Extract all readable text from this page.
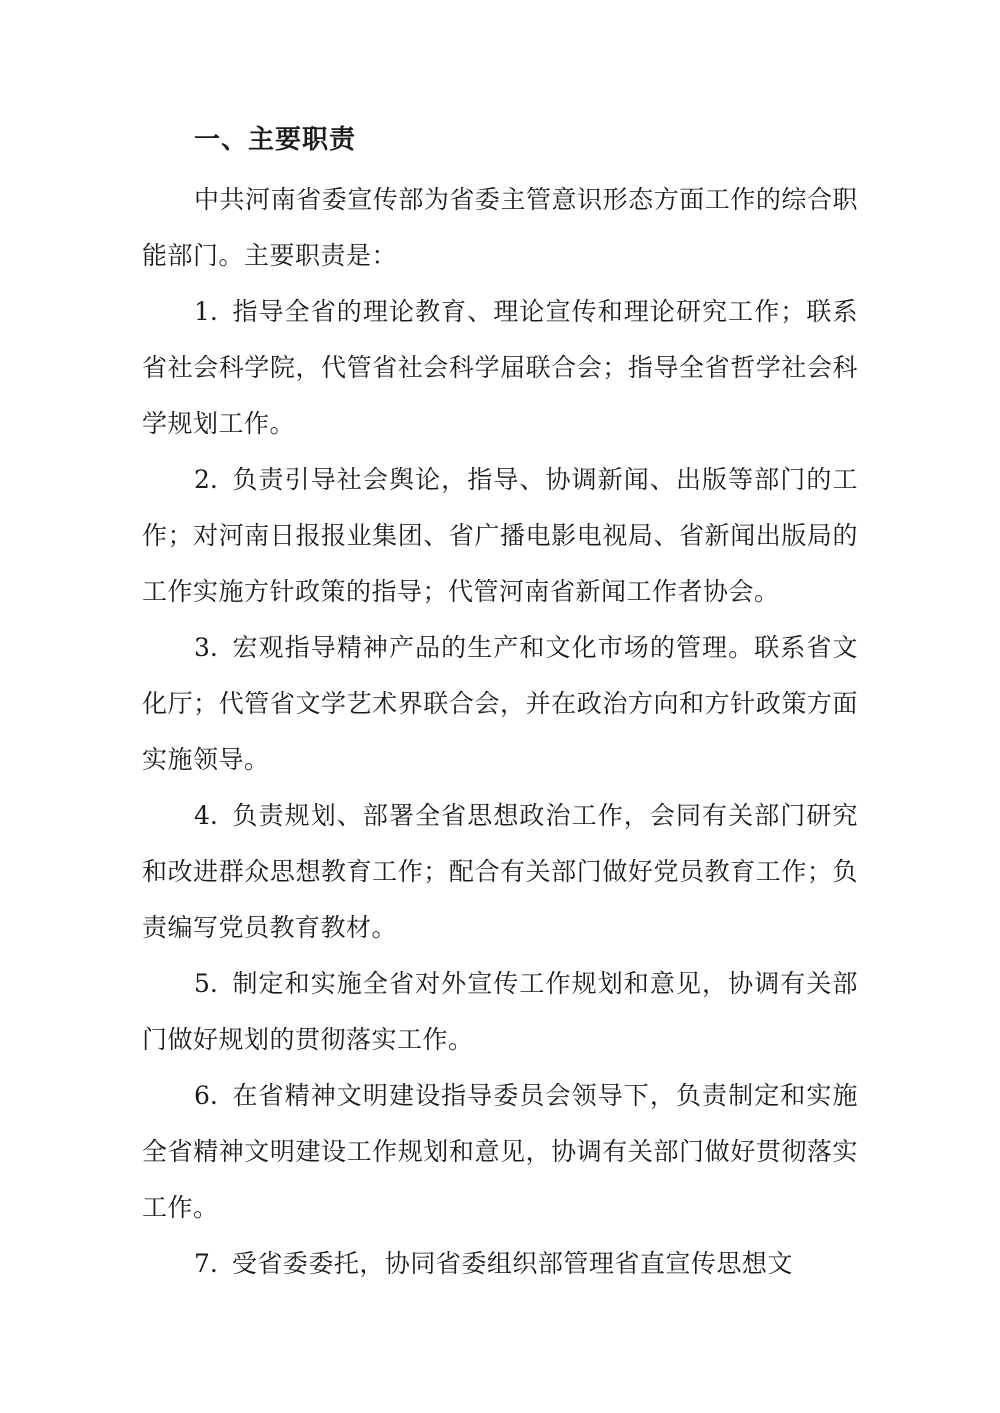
一、主要职责

中共河南省委宣传部为省委主管意识形态方面工作的综合职能部门。主要职责是：

1. 指导全省的理论教育、理论宣传和理论研究工作；联系省社会科学院，代管省社会科学届联合会；指导全省哲学社会科学规划工作。

2. 负责引导社会舆论，指导、协调新闻、出版等部门的工作；对河南日报报业集团、省广播电影电视局、省新闻出版局的工作实施方针政策的指导；代管河南省新闻工作者协会。

3. 宏观指导精神产品的生产和文化市场的管理。联系省文化厅；代管省文学艺术界联合会，并在政治方向和方针政策方面实施领导。

4. 负责规划、部署全省思想政治工作，会同有关部门研究和改进群众思想教育工作；配合有关部门做好党员教育工作；负责编写党员教育教材。

5. 制定和实施全省对外宣传工作规划和意见，协调有关部门做好规划的贯彻落实工作。

6. 在省精神文明建设指导委员会领导下，负责制定和实施全省精神文明建设工作规划和意见，协调有关部门做好贯彻落实工作。

7. 受省委委托，协同省委组织部管理省直宣传思想文
